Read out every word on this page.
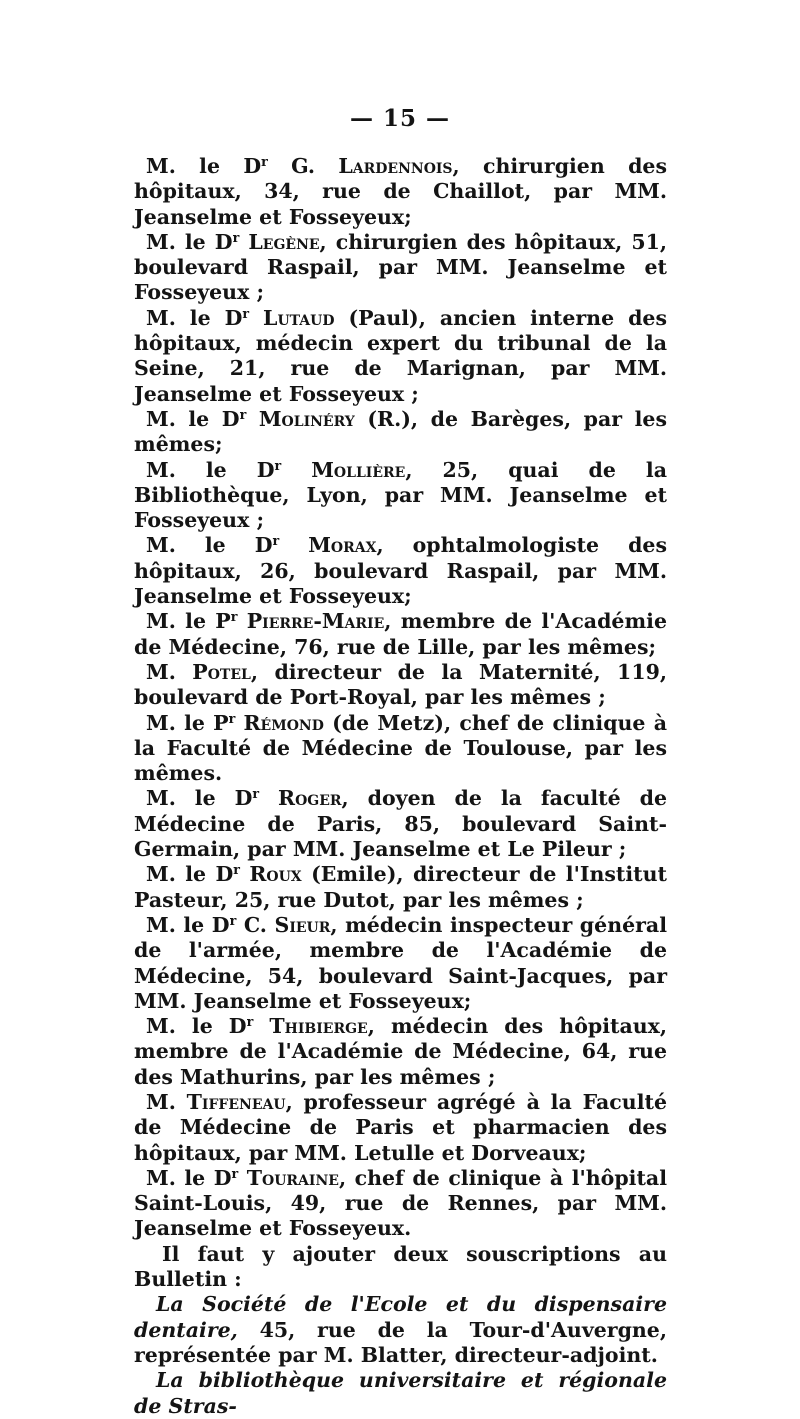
— 15 —

M. le $D^r$ G. Lardennois, chirurgien des hôpitaux, 34, rue de Chaillot, par MM. Jeanselme et Fosseyeux;

M. le $D^r$ Legène, chirurgien des hôpitaux, 51, boulevard Raspail, par MM. Jeanselme et Fosseyeux ;

M. le $D^r$ Lutaud (Paul), ancien interne des hôpitaux, médecin expert du tribunal de la Seine, 21, rue de Marignan, par MM. Jeanselme et Fosseyeux ;

M. le $D^r$ Molinéry (R.), de Barèges, par les mêmes;

M. le $D^r$ Mollière, 25, quai de la Bibliothèque, Lyon, par MM. Jeanselme et Fosseyeux ;

M. le $D^r$ Morax, ophtalmologiste des hôpitaux, 26, boulevard Raspail, par MM. Jeanselme et Fosseyeux;

M. le $P^r$ Pierre-Marie, membre de l'Académie de Médecine, 76, rue de Lille, par les mêmes;

M. Potel, directeur de la Maternité, 119, boulevard de Port-Royal, par les mêmes ;

M. le $P^r$ Rémond (de Metz), chef de clinique à la Faculté de Médecine de Toulouse, par les mêmes.

M. le $D^r$ Roger, doyen de la faculté de Médecine de Paris, 85, boulevard Saint-Germain, par MM. Jeanselme et Le Pileur ;

M. le $D^r$ Roux (Emile), directeur de l'Institut Pasteur, 25, rue Dutot, par les mêmes ;

M. le $D^r$ C. Sieur, médecin inspecteur général de l'armée, membre de l'Académie de Médecine, 54, boulevard Saint-Jacques, par MM. Jeanselme et Fosseyeux;

M. le $D^r$ Thibierge, médecin des hôpitaux, membre de l'Académie de Médecine, 64, rue des Mathurins, par les mêmes ;

M. Tiffeneau, professeur agrégé à la Faculté de Médecine de Paris et pharmacien des hôpitaux, par MM. Letulle et Dorveaux;

M. le $D^r$ Touraine, chef de clinique à l'hôpital Saint-Louis, 49, rue de Rennes, par MM. Jeanselme et Fosseyeux.

Il faut y ajouter deux souscriptions au Bulletin :

La Société de l'Ecole et du dispensaire dentaire, 45, rue de la Tour-d'Auvergne, représentée par M. Blatter, directeur-adjoint.

La bibliothèque universitaire et régionale de Stras-
